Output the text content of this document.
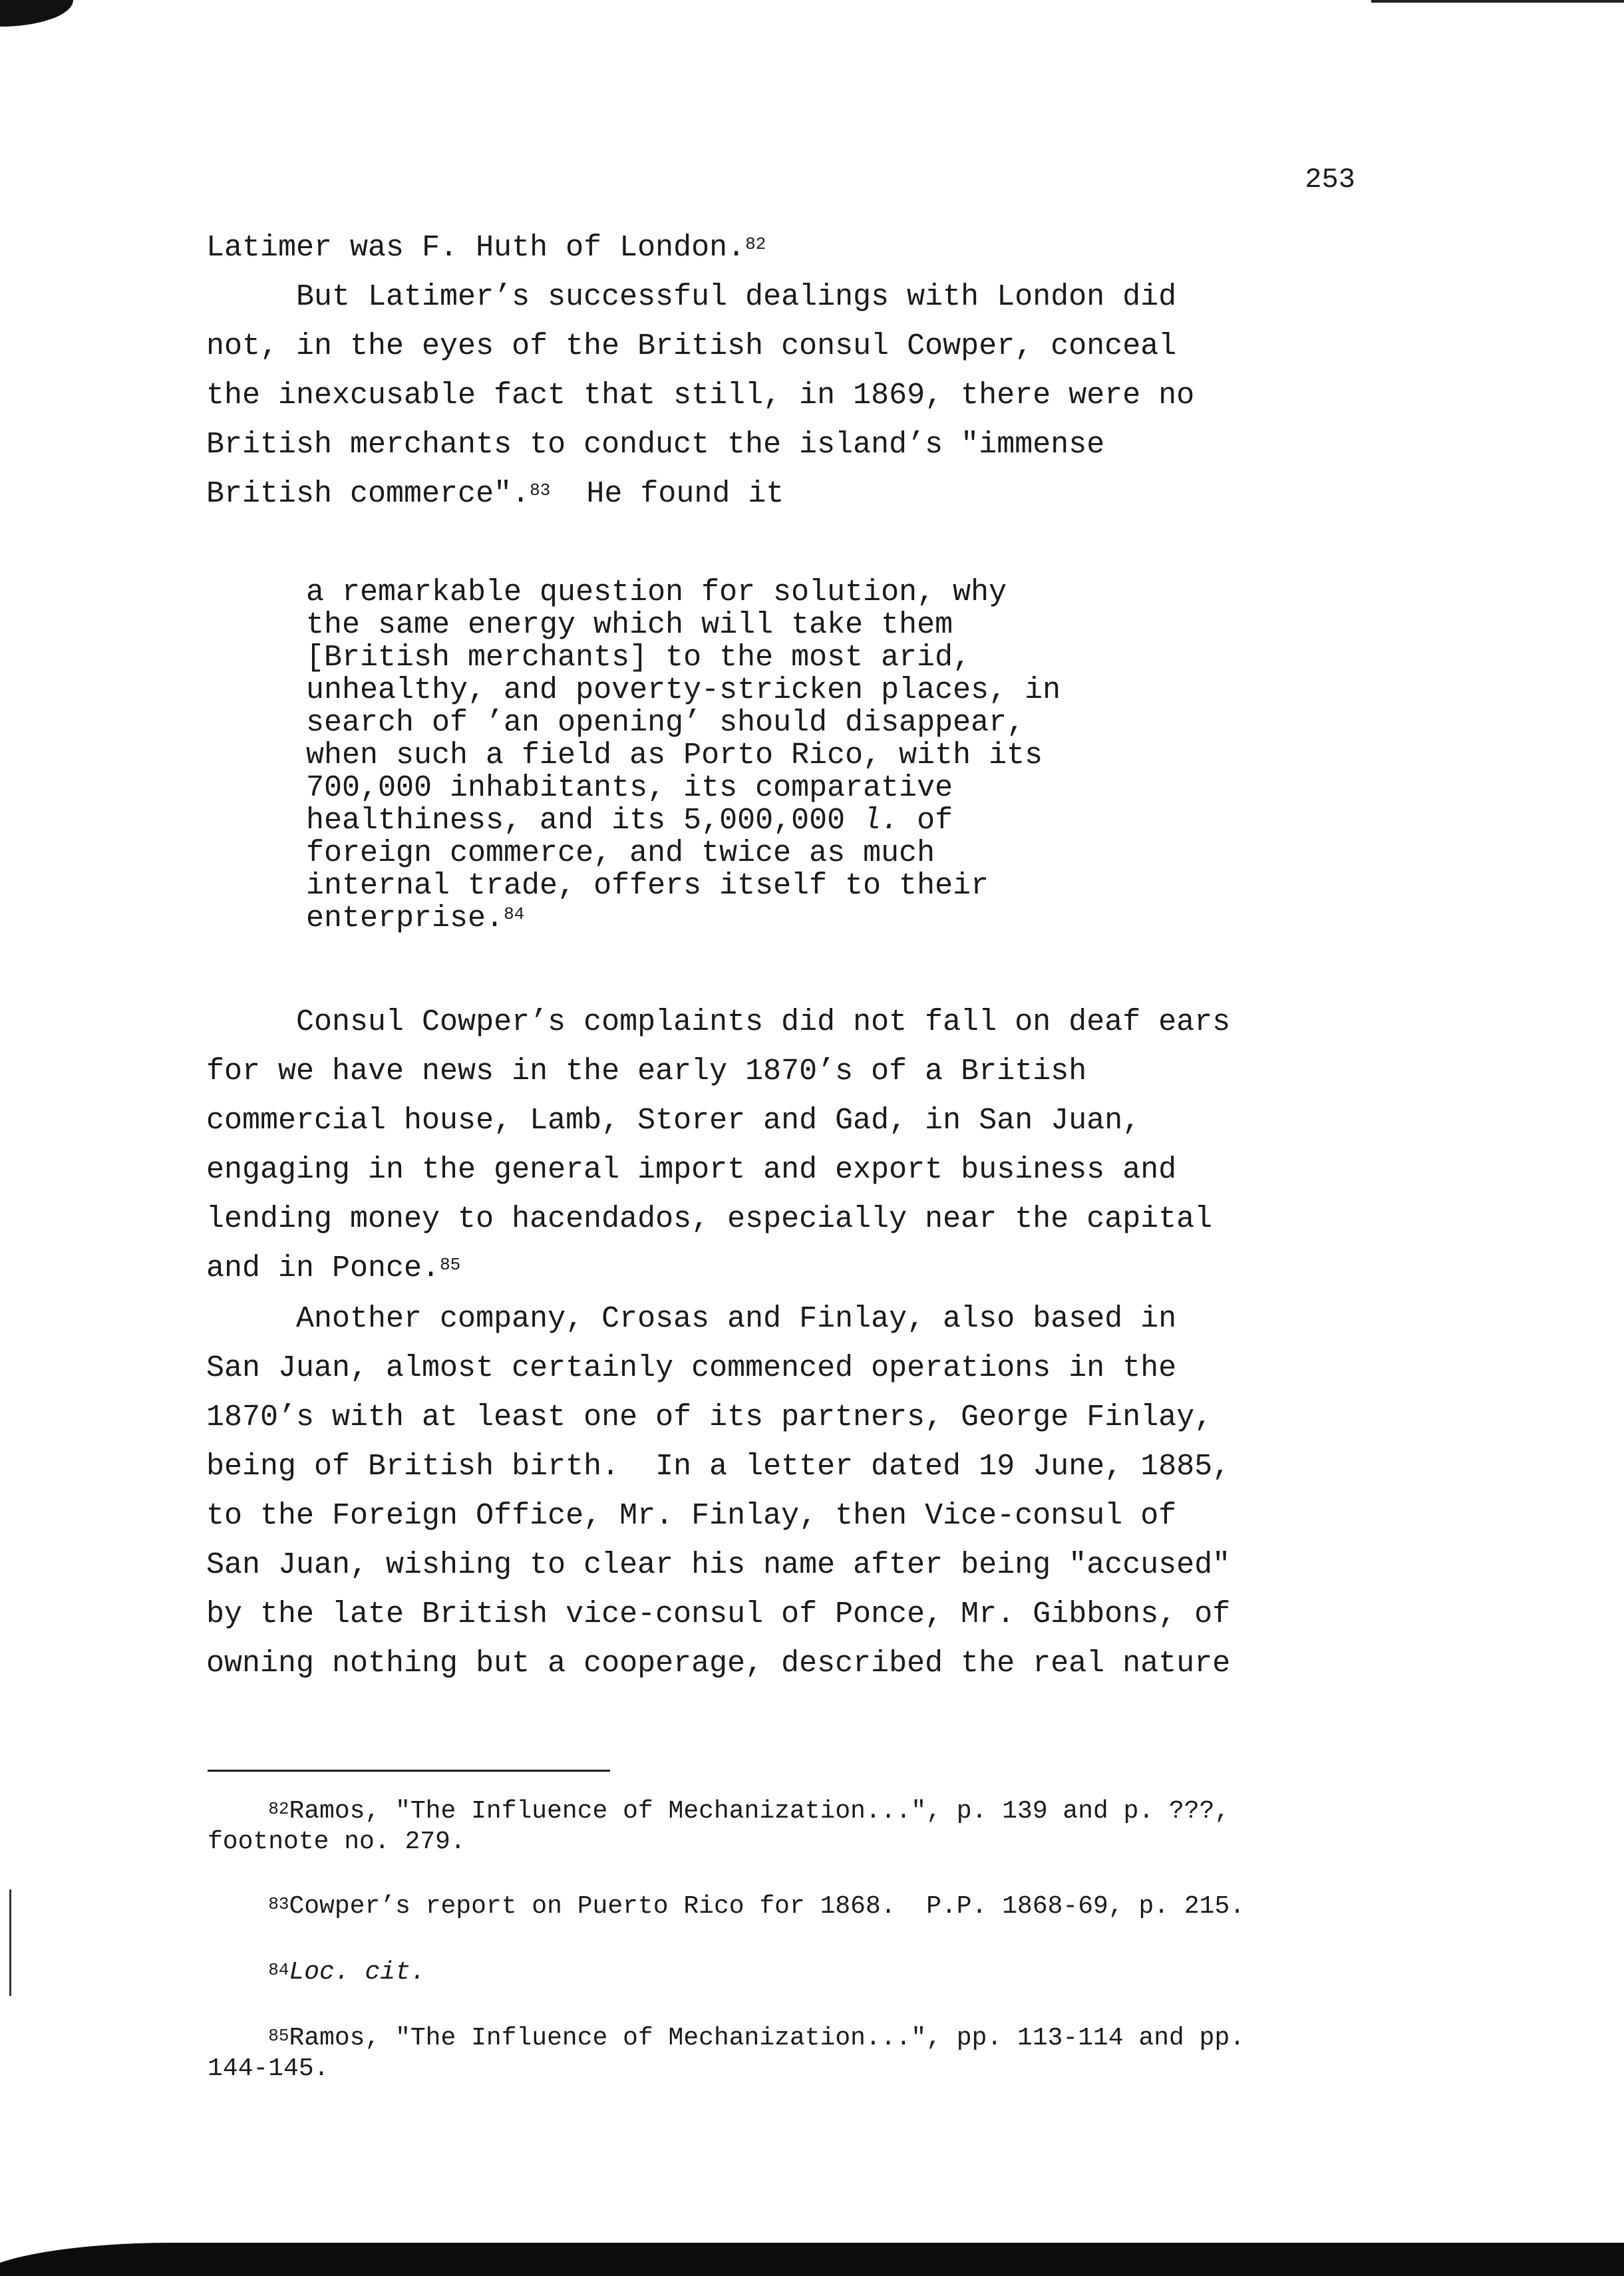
253
Latimer was F. Huth of London.$^{82}$
But Latimer’s successful dealings with London did
not, in the eyes of the British consul Cowper, conceal
the inexcusable fact that still, in 1869, there were no
British merchants to conduct the island’s "immense
British commerce".$^{83}$  He found it
a remarkable question for solution, why
the same energy which will take them
[British merchants] to the most arid,
unhealthy, and poverty-stricken places, in
search of ’an opening’ should disappear,
when such a field as Porto Rico, with its
700,000 inhabitants, its comparative
healthiness, and its 5,000,000 l. of
foreign commerce, and twice as much
internal trade, offers itself to their
enterprise.$^{84}$
Consul Cowper’s complaints did not fall on deaf ears
for we have news in the early 1870’s of a British
commercial house, Lamb, Storer and Gad, in San Juan,
engaging in the general import and export business and
lending money to hacendados, especially near the capital
and in Ponce.$^{85}$
Another company, Crosas and Finlay, also based in
San Juan, almost certainly commenced operations in the
1870’s with at least one of its partners, George Finlay,
being of British birth.  In a letter dated 19 June, 1885,
to the Foreign Office, Mr. Finlay, then Vice-consul of
San Juan, wishing to clear his name after being "accused"
by the late British vice-consul of Ponce, Mr. Gibbons, of
owning nothing but a cooperage, described the real nature
$^{82}$Ramos, "The Influence of Mechanization...", p. 139 and p. ???,
footnote no. 279.
$^{83}$Cowper’s report on Puerto Rico for 1868.  P.P. 1868-69, p. 215.
$^{84}$Loc. cit.
$^{85}$Ramos, "The Influence of Mechanization...", pp. 113-114 and pp.
144-145.
